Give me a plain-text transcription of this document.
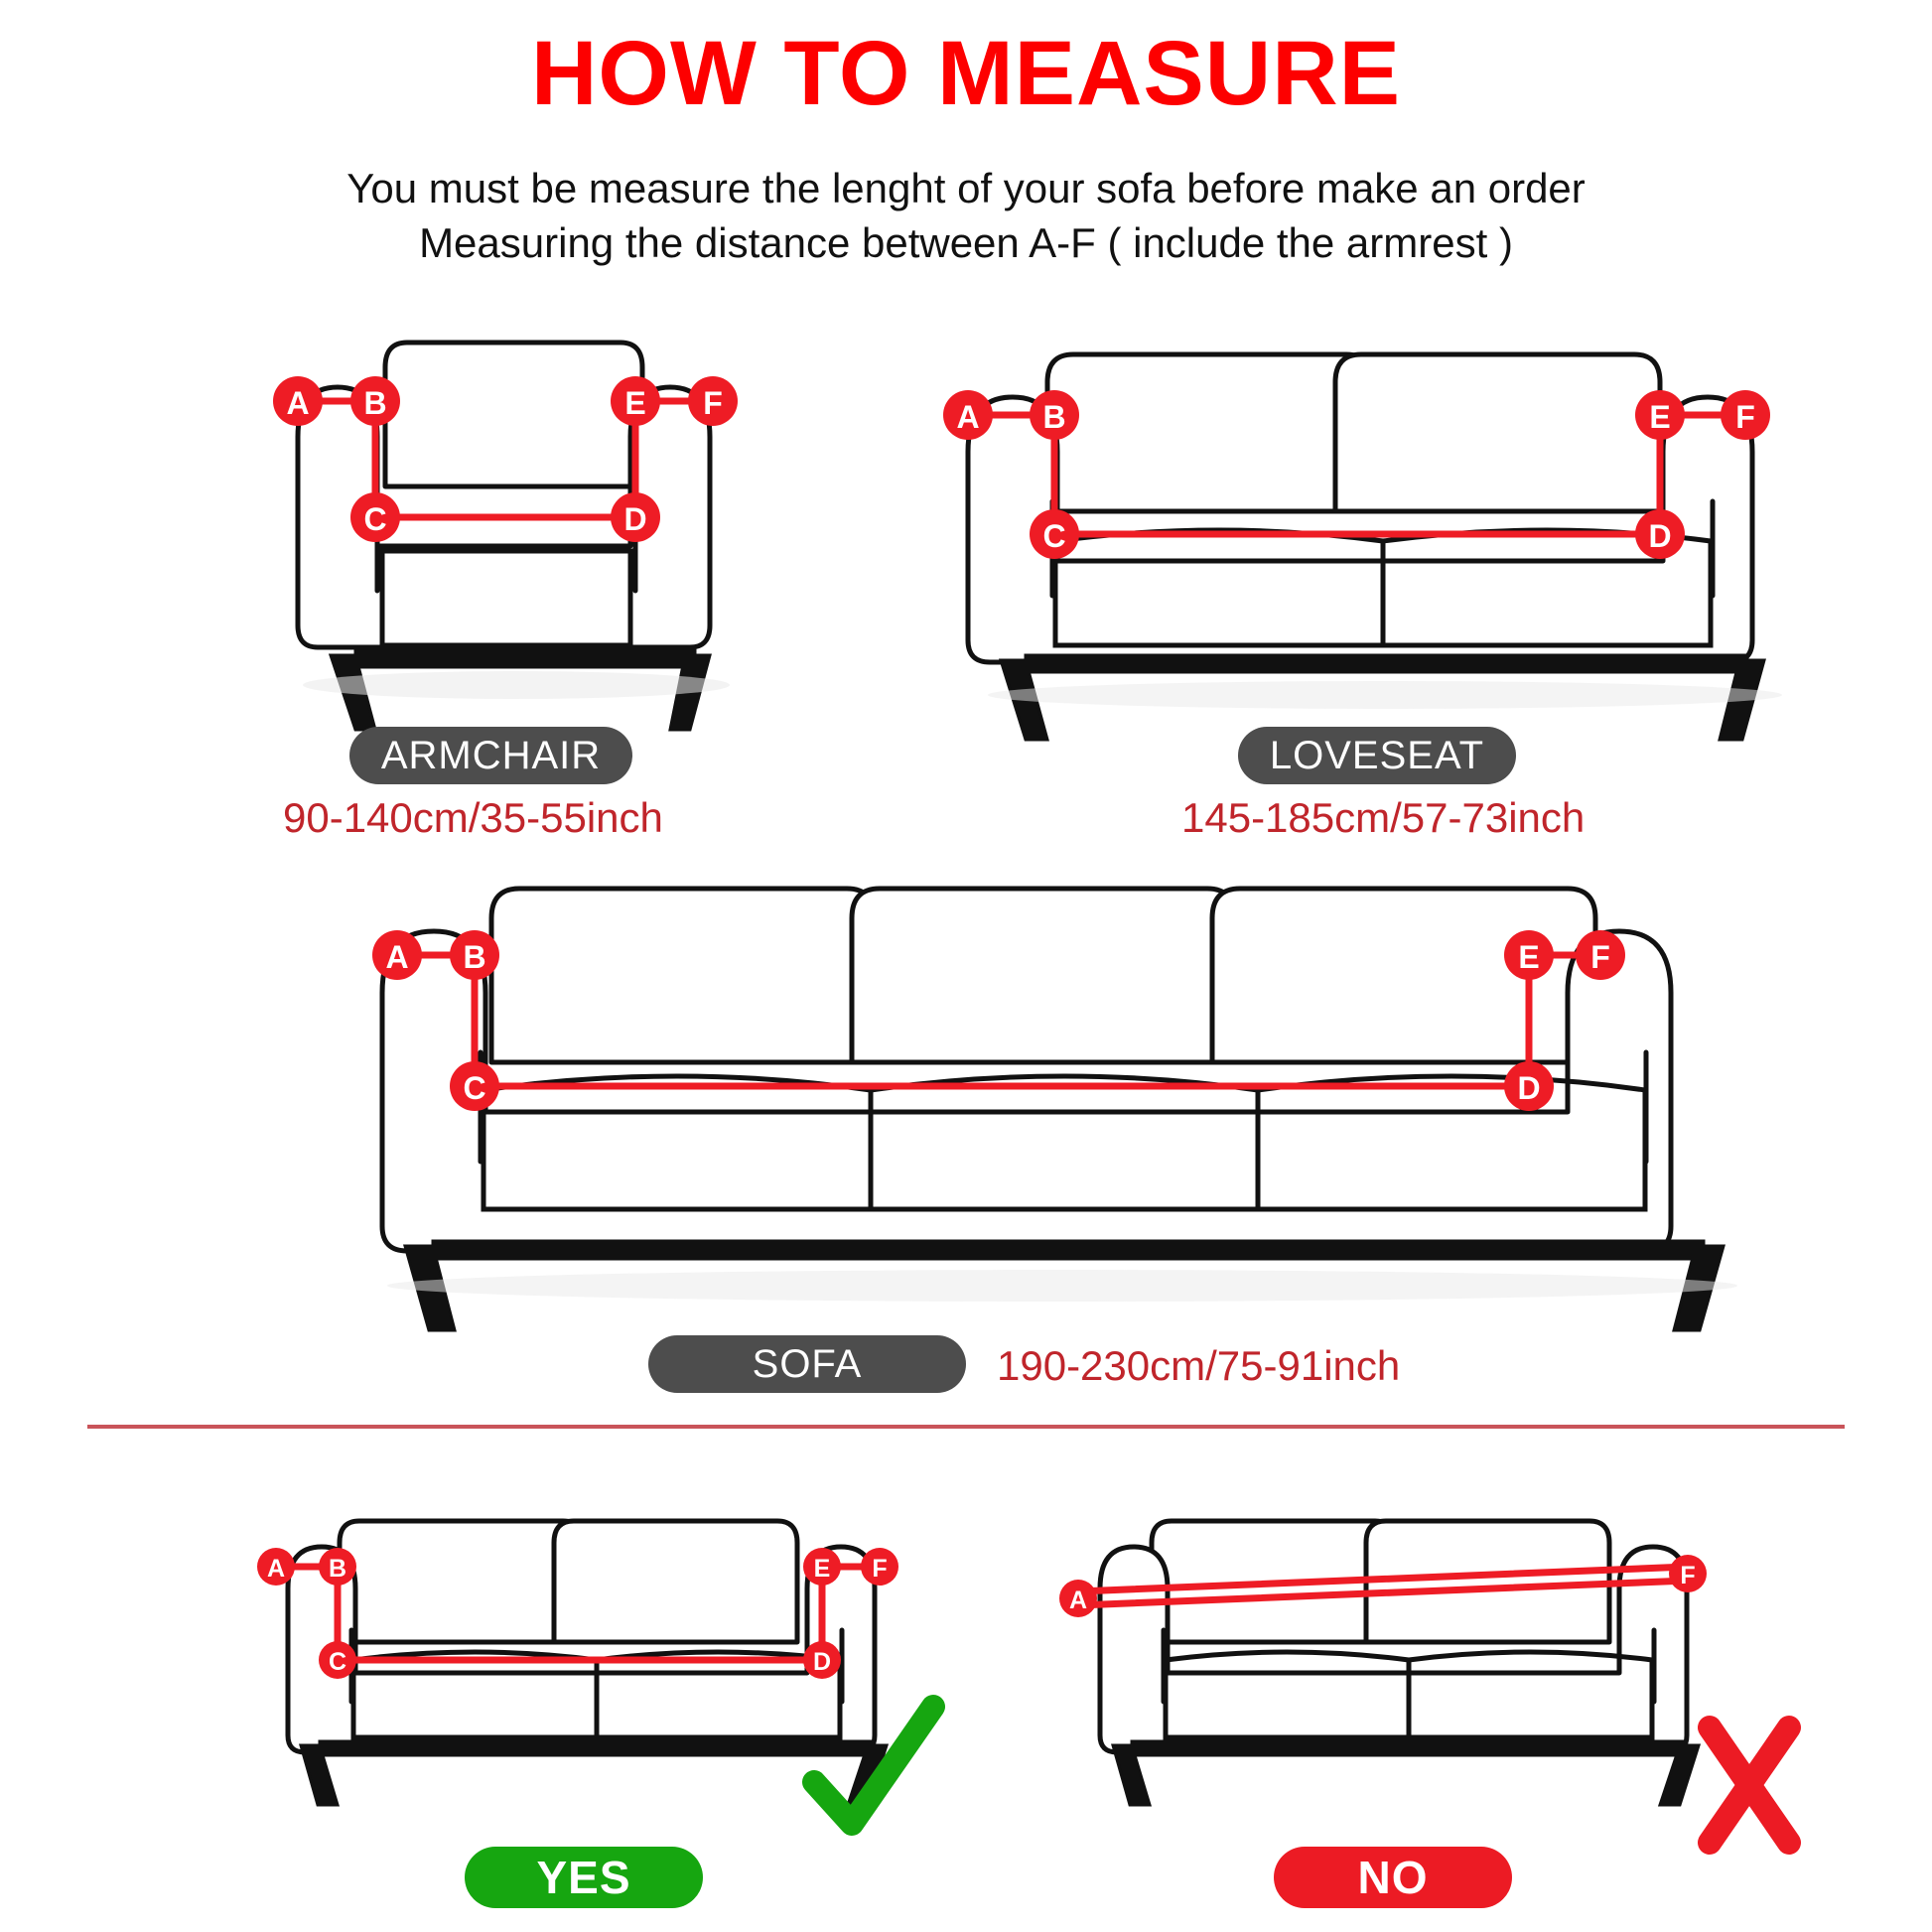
HOW TO MEASURE
You must be measure the lenght of your sofa before make an order
Measuring the distance between A-F ( include the armrest )
A B
C	D
E F	A B
C	D
E F
A B
C	D
E F
A B
C	D
E F
A
F
ARMCHAIR
90-140cm/35-55inch
LOVESEAT
145-185cm/57-73inch
SOFA	190-230cm/75-91inch
YES	NO
